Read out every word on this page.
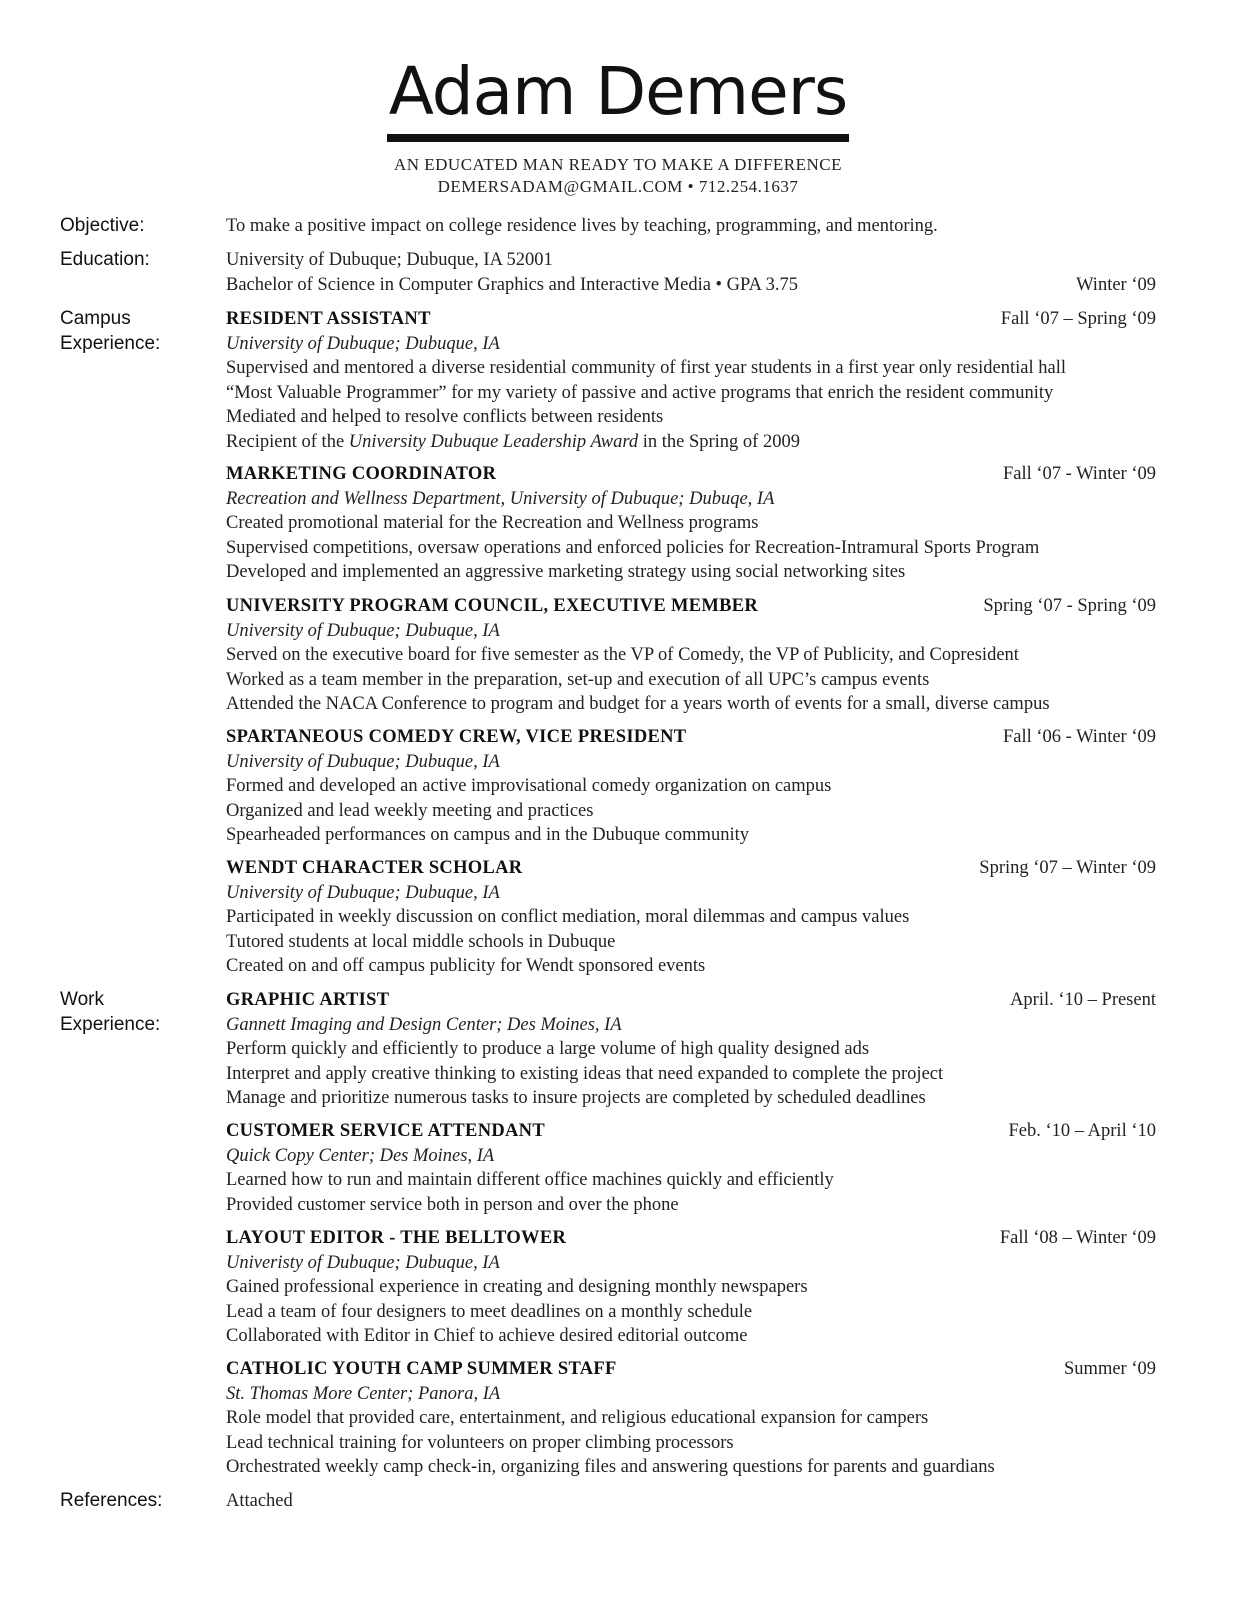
Adam Demers
AN EDUCATED MAN READY TO MAKE A DIFFERENCE
DEMERSADAM@GMAIL.COM • 712.254.1637
Objective:	To make a positive impact on college residence lives by teaching, programming, and mentoring.
Education:	University of Dubuque; Dubuque, IA 52001
Bachelor of Science in Computer Graphics and Interactive Media • GPA 3.75	Winter ‘09
Campus
Experience:
RESIDENT ASSISTANT	Fall ‘07 – Spring ‘09
University of Dubuque; Dubuque, IA
Supervised and mentored a diverse residential community of first year students in a first year only residential hall
“Most Valuable Programmer” for my variety of passive and active programs that enrich the resident community
Mediated and helped to resolve conflicts between residents
Recipient of the University Dubuque Leadership Award in the Spring of 2009
MARKETING COORDINATOR	Fall ‘07 - Winter ‘09
Recreation and Wellness Department, University of Dubuque; Dubuqe, IA
Created promotional material for the Recreation and Wellness programs
Supervised competitions, oversaw operations and enforced policies for Recreation-Intramural Sports Program
Developed and implemented an aggressive marketing strategy using social networking sites
UNIVERSITY PROGRAM COUNCIL, EXECUTIVE MEMBER	Spring ‘07 - Spring ‘09
University of Dubuque; Dubuque, IA
Served on the executive board for five semester as the VP of Comedy, the VP of Publicity, and Copresident
Worked as a team member in the preparation, set-up and execution of all UPC’s campus events
Attended the NACA Conference to program and budget for a years worth of events for a small, diverse campus
SPARTANEOUS COMEDY CREW, VICE PRESIDENT	Fall ‘06 - Winter ‘09
University of Dubuque; Dubuque, IA
Formed and developed an active improvisational comedy organization on campus
Organized and lead weekly meeting and practices
Spearheaded performances on campus and in the Dubuque community
WENDT CHARACTER SCHOLAR	Spring ‘07 – Winter ‘09
University of Dubuque; Dubuque, IA
Participated in weekly discussion on conflict mediation, moral dilemmas and campus values
Tutored students at local middle schools in Dubuque
Created on and off campus publicity for Wendt sponsored events
Work
Experience:
GRAPHIC ARTIST	April. ‘10 – Present
Gannett Imaging and Design Center; Des Moines, IA
Perform quickly and efficiently to produce a large volume of high quality designed ads
Interpret and apply creative thinking to existing ideas that need expanded to complete the project
Manage and prioritize numerous tasks to insure projects are completed by scheduled deadlines
CUSTOMER SERVICE ATTENDANT	Feb. ‘10 – April ‘10
Quick Copy Center; Des Moines, IA
Learned how to run and maintain different office machines quickly and efficiently
Provided customer service both in person and over the phone
LAYOUT EDITOR - THE BELLTOWER	Fall ‘08 – Winter ‘09
Univeristy of Dubuque; Dubuque, IA
Gained professional experience in creating and designing monthly newspapers
Lead a team of four designers to meet deadlines on a monthly schedule
Collaborated with Editor in Chief to achieve desired editorial outcome
CATHOLIC YOUTH CAMP SUMMER STAFF	Summer ‘09
St. Thomas More Center; Panora, IA
Role model that provided care, entertainment, and religious educational expansion for campers
Lead technical training for volunteers on proper climbing processors
Orchestrated weekly camp check-in, organizing files and answering questions for parents and guardians
References:	Attached
